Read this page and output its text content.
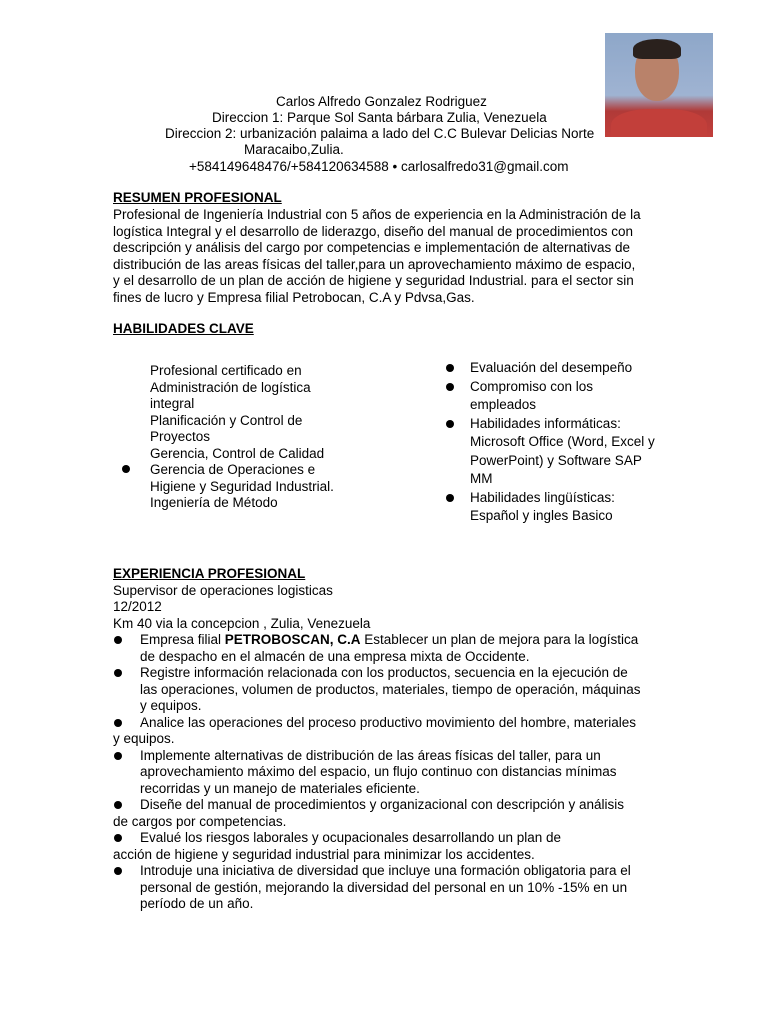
Carlos Alfredo Gonzalez Rodriguez
Direccion 1: Parque Sol Santa bárbara Zulia, Venezuela
Direccion 2: urbanización palaima a lado del C.C Bulevar Delicias Norte
Maracaibo,Zulia.
+584149648476/+584120634588 • carlosalfredo31@gmail.com
RESUMEN PROFESIONAL
Profesional de Ingeniería Industrial con 5 años de experiencia en la Administración de la
logística Integral y el desarrollo de liderazgo, diseño del manual de procedimientos con
descripción y análisis del cargo por competencias e implementación de alternativas de
distribución de las areas físicas del taller,para un aprovechamiento máximo de espacio,
y el desarrollo de un plan de acción de higiene y seguridad Industrial. para el sector sin
fines de lucro y Empresa filial Petrobocan, C.A y Pdvsa,Gas.
HABILIDADES CLAVE
Profesional certificado en
Administración de logística
integral
Planificación y Control de
Proyectos
Gerencia, Control de Calidad
Gerencia de Operaciones e
Higiene y Seguridad Industrial.
Ingeniería de Método
Evaluación del desempeño
Compromiso con los
empleados
Habilidades informáticas:
Microsoft Office (Word, Excel y
PowerPoint) y Software SAP
MM
Habilidades lingüísticas:
Español y ingles Basico
EXPERIENCIA PROFESIONAL
Supervisor de operaciones logisticas
12/2012
Km 40 via la concepcion , Zulia, Venezuela
Empresa filial PETROBOSCAN, C.A Establecer un plan de mejora para la logística
de despacho en el almacén de una empresa mixta de Occidente.
Registre información relacionada con los productos, secuencia en la ejecución de
las operaciones, volumen de productos, materiales, tiempo de operación, máquinas
y equipos.
Analice las operaciones del proceso productivo movimiento del hombre, materiales
y equipos.
Implemente alternativas de distribución de las áreas físicas del taller, para un
aprovechamiento máximo del espacio, un flujo continuo con distancias mínimas
recorridas y un manejo de materiales eficiente.
Diseñe del manual de procedimientos y organizacional con descripción y análisis
de cargos por competencias.
Evalué los riesgos laborales y ocupacionales desarrollando un plan de
acción de higiene y seguridad industrial para minimizar los accidentes.
Introduje una iniciativa de diversidad que incluye una formación obligatoria para el
personal de gestión, mejorando la diversidad del personal en un 10% -15% en un
período de un año.
